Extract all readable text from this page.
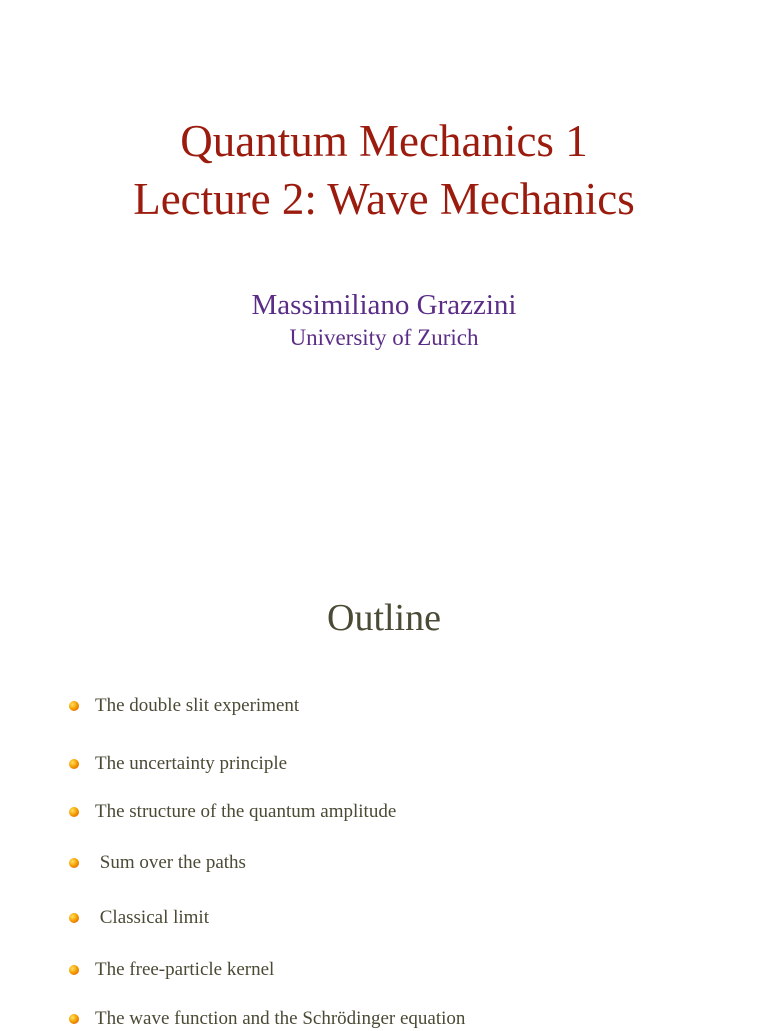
Quantum Mechanics 1
Lecture 2: Wave Mechanics
Massimiliano Grazzini
University of Zurich
Outline
The double slit experiment
The uncertainty principle
The structure of the quantum amplitude
Sum over the paths
Classical limit
The free-particle kernel
The wave function and the Schrödinger equation
